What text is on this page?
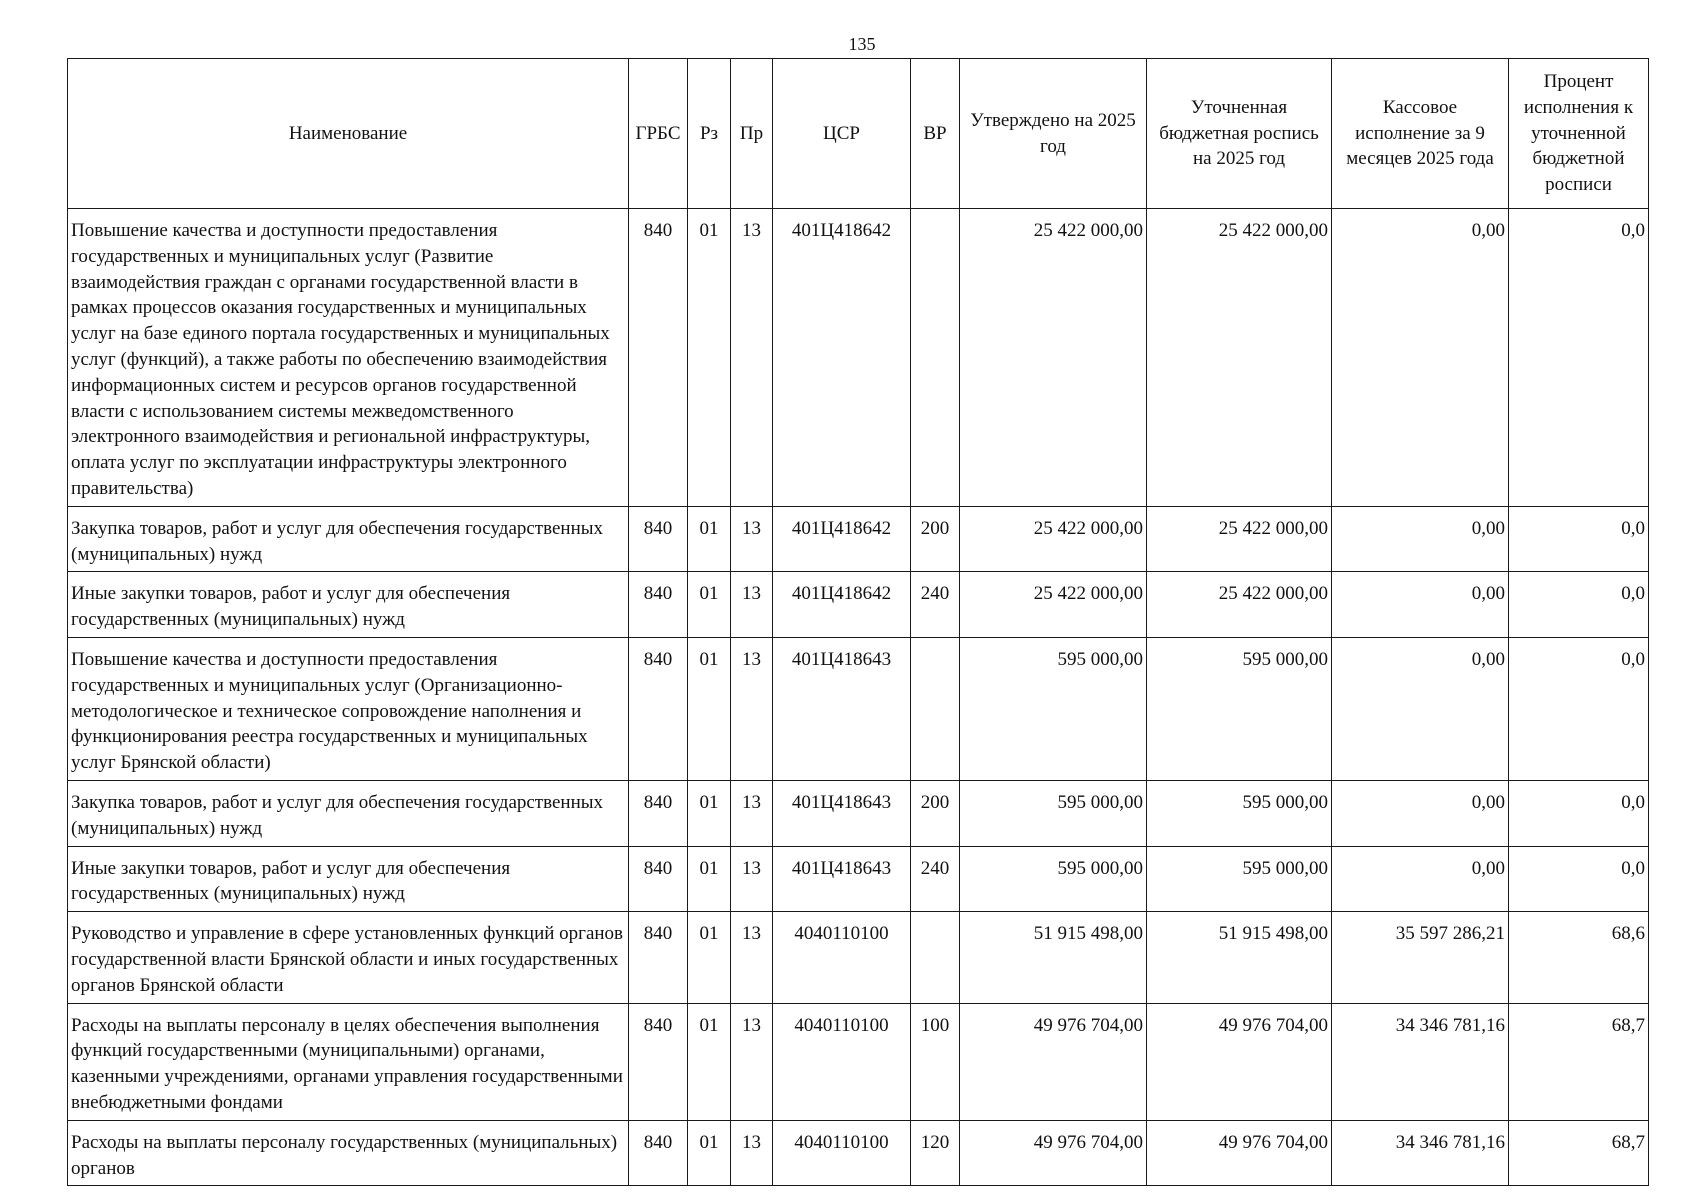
135
Наименование	ГРБС	Рз	Пр	ЦСР	ВР	Утверждено на 2025 год	Уточненная бюджетная роспись на 2025 год	Кассовое исполнение за 9 месяцев 2025 года	Процент исполнения к уточненной бюджетной росписи
Повышение качества и доступности предоставления государственных и муниципальных услуг (Развитие взаимодействия граждан с органами государственной власти в рамках процессов оказания государственных и муниципальных услуг на базе единого портала государственных и муниципальных услуг (функций), а также работы по обеспечению взаимодействия информационных систем и ресурсов органов государственной власти с использованием системы межведомственного электронного взаимодействия и региональной инфраструктуры, оплата услуг по эксплуатации инфраструктуры электронного правительства)	840	01	13	401Ц418642		25 422 000,00	25 422 000,00	0,00	0,0
Закупка товаров, работ и услуг для обеспечения государственных (муниципальных) нужд	840	01	13	401Ц418642	200	25 422 000,00	25 422 000,00	0,00	0,0
Иные закупки товаров, работ и услуг для обеспечения государственных (муниципальных) нужд	840	01	13	401Ц418642	240	25 422 000,00	25 422 000,00	0,00	0,0
Повышение качества и доступности предоставления государственных и муниципальных услуг (Организационно-методологическое и техническое сопровождение наполнения и функционирования реестра государственных и муниципальных услуг Брянской области)	840	01	13	401Ц418643		595 000,00	595 000,00	0,00	0,0
Закупка товаров, работ и услуг для обеспечения государственных (муниципальных) нужд	840	01	13	401Ц418643	200	595 000,00	595 000,00	0,00	0,0
Иные закупки товаров, работ и услуг для обеспечения государственных (муниципальных) нужд	840	01	13	401Ц418643	240	595 000,00	595 000,00	0,00	0,0
Руководство и управление в сфере установленных функций органов государственной власти Брянской области и иных государственных органов Брянской области	840	01	13	4040110100		51 915 498,00	51 915 498,00	35 597 286,21	68,6
Расходы на выплаты персоналу в целях обеспечения выполнения функций государственными (муниципальными) органами, казенными учреждениями, органами управления государственными внебюджетными фондами	840	01	13	4040110100	100	49 976 704,00	49 976 704,00	34 346 781,16	68,7
Расходы на выплаты персоналу государственных (муниципальных) органов	840	01	13	4040110100	120	49 976 704,00	49 976 704,00	34 346 781,16	68,7
